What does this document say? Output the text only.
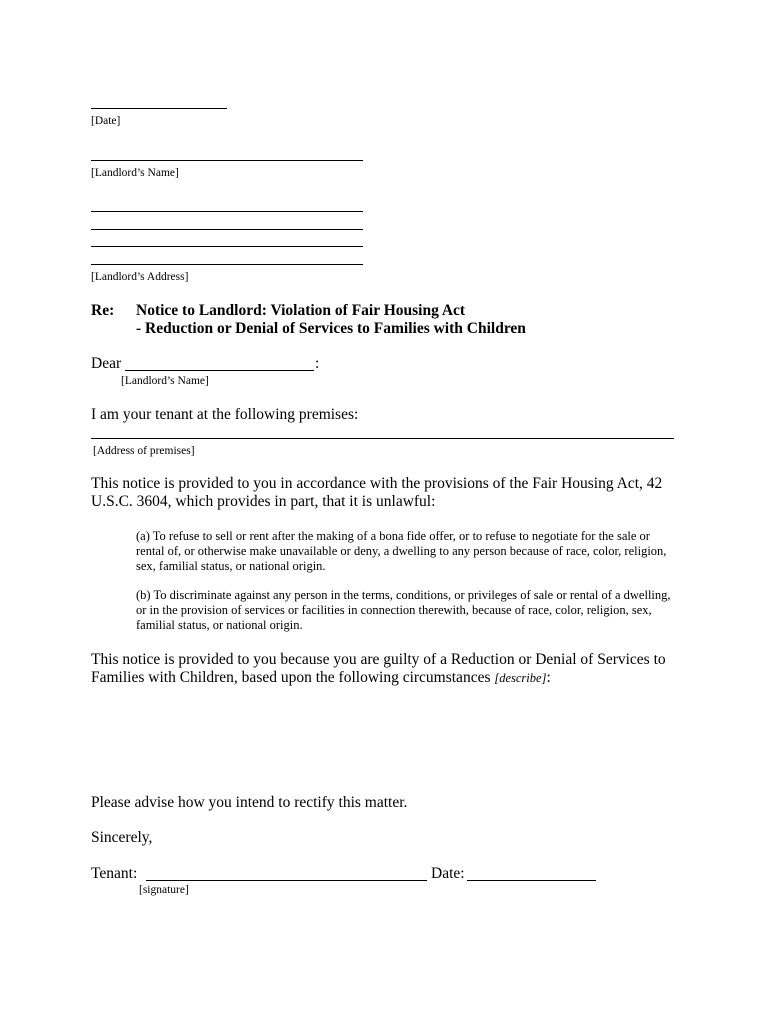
[Date]
[Landlord’s Name]
[Landlord’s Address]
Re: Notice to Landlord: Violation of Fair Housing Act
- Reduction or Denial of Services to Families with Children
Dear	:
[Landlord’s Name]
I am your tenant at the following premises:
[Address of premises]
This notice is provided to you in accordance with the provisions of the Fair Housing Act, 42
U.S.C. 3604, which provides in part, that it is unlawful:
(a) To refuse to sell or rent after the making of a bona fide offer, or to refuse to negotiate for the sale or
rental of, or otherwise make unavailable or deny, a dwelling to any person because of race, color, religion,
sex, familial status, or national origin.
(b) To discriminate against any person in the terms, conditions, or privileges of sale or rental of a dwelling,
or in the provision of services or facilities in connection therewith, because of race, color, religion, sex,
familial status, or national origin.
This notice is provided to you because you are guilty of a Reduction or Denial of Services to
Families with Children, based upon the following circumstances [describe]:
Please advise how you intend to rectify this matter.
Sincerely,
Tenant:	Date:
[signature]
